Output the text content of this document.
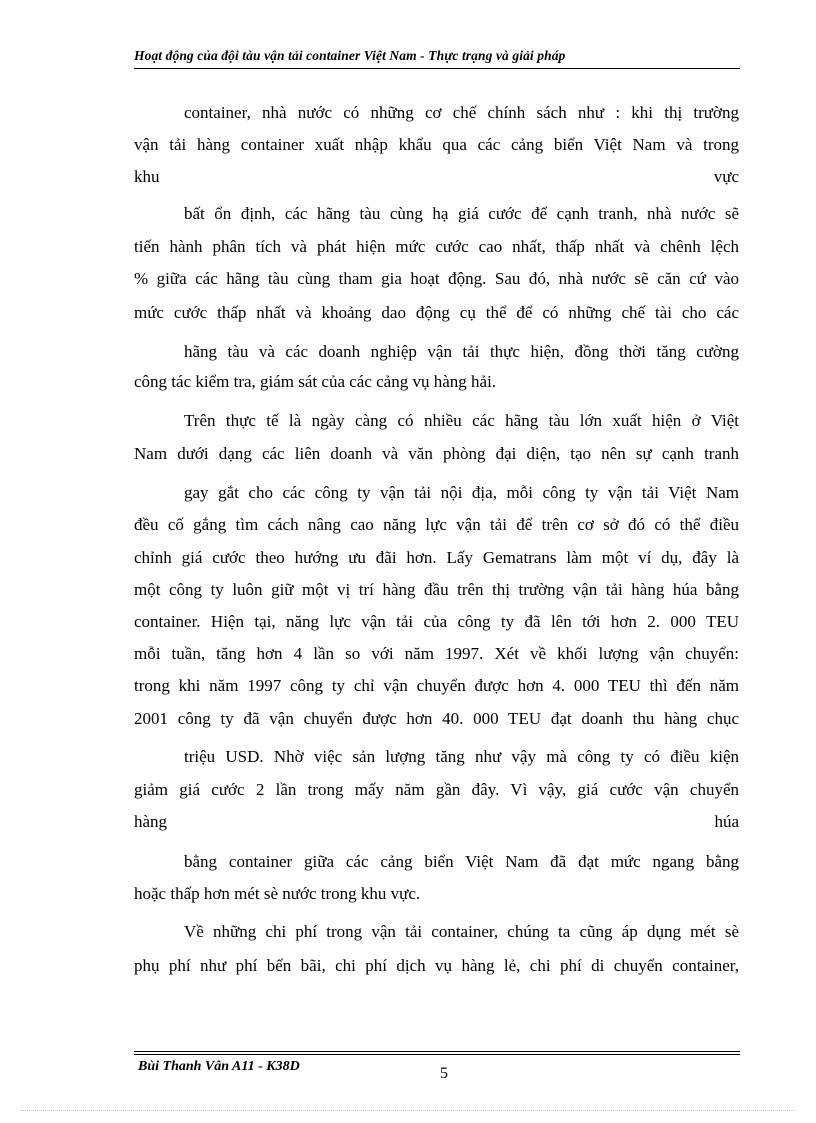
Hoạt động của đội tàu vận tải container Việt Nam - Thực trạng và giải pháp
container, nhà nước có những cơ chế chính sách như : khi thị trường
vận tải hàng container xuất nhập khẩu qua các cảng biển Việt Nam và trong
khu vực
bất ổn định, các hãng tàu cùng hạ giá cước để cạnh tranh, nhà nước sẽ
tiến hành phân tích và phát hiện mức cước cao nhất, thấp nhất và chênh lệch
% giữa các hãng tàu cùng tham gia hoạt động. Sau đó, nhà nước sẽ căn cứ vào
mức cước thấp nhất và khoảng dao động cụ thể để có những chế tài cho các
hãng tàu và các doanh nghiệp vận tải thực hiện, đồng thời tăng cường
công tác kiểm tra, giám sát của các cảng vụ hàng hải.
Trên thực tế là ngày càng có nhiều các hãng tàu lớn xuất hiện ở Việt
Nam dưới dạng các liên doanh và văn phòng đại diện, tạo nên sự cạnh tranh
gay gắt cho các công ty vận tải nội địa, mỗi công ty vận tải Việt Nam
đều cố gắng tìm cách nâng cao năng lực vận tải để trên cơ sở đó có thể điều
chỉnh giá cước theo hướng ưu đãi hơn. Lấy Gematrans làm một ví dụ, đây là
một công ty luôn giữ một vị trí hàng đầu trên thị trường vận tải hàng húa bằng
container. Hiện tại, năng lực vận tải của công ty đã lên tới hơn 2. 000 TEU
mỗi tuần, tăng hơn 4 lần so với năm 1997. Xét về khối lượng vận chuyển:
trong khi năm 1997 công ty chỉ vận chuyển được hơn 4. 000 TEU thì đến năm
2001 công ty đã vận chuyển được hơn 40. 000 TEU đạt doanh thu hàng chục
triệu USD. Nhờ việc sản lượng tăng như vậy mà công ty có điều kiện
giảm giá cước 2 lần trong mấy năm gần đây. Vì vậy, giá cước vận chuyển
hàng húa
bằng container giữa các cảng biển Việt Nam đã đạt mức ngang bằng
hoặc thấp hơn mét sè nước trong khu vực.
Về những chi phí trong vận tải container, chúng ta cũng áp dụng mét sè
phụ phí như phí bến bãi, chi phí dịch vụ hàng lẻ, chi phí di chuyển container,
Bùi Thanh Vân A11 - K38D	5
